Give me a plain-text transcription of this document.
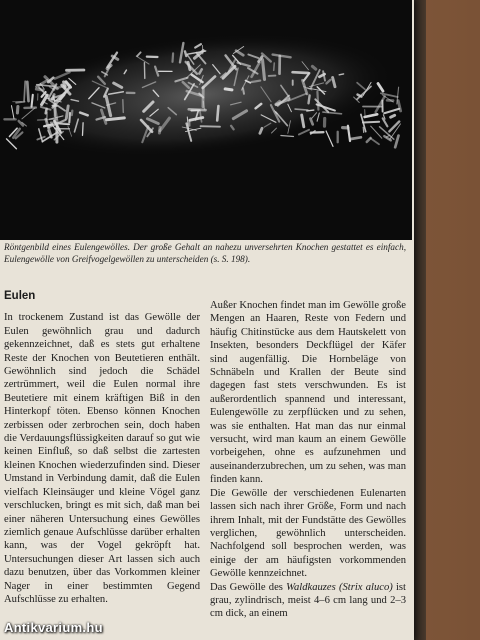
Röntgenbild eines Eulengewölles. Der große Gehalt an nahezu unversehrten Knochen gestattet es einfach, Eulengewölle von Greifvogelgewöllen zu unterscheiden (s. S. 198).
Eulen

In trockenem Zustand ist das Gewölle der Eulen gewöhnlich grau und dadurch gekennzeichnet, daß es stets gut erhaltene Reste der Knochen von Beutetieren enthält. Gewöhnlich sind jedoch die Schädel zertrümmert, weil die Eulen normal ihre Beutetiere mit einem kräftigen Biß in den Hinterkopf töten. Ebenso können Knochen zerbissen oder zerbrochen sein, doch haben die Verdauungsflüssigkeiten darauf so gut wie keinen Einfluß, so daß selbst die zartesten kleinen Knochen wiederzufinden sind. Dieser Umstand in Verbindung damit, daß die Eulen vielfach Kleinsäuger und kleine Vögel ganz verschlucken, bringt es mit sich, daß man bei einer näheren Untersuchung eines Gewölles ziemlich genaue Aufschlüsse darüber erhalten kann, was der Vogel gekröpft hat. Untersuchungen dieser Art lassen sich auch dazu benutzen, über das Vorkommen kleiner Nager in einer bestimmten Gegend Aufschlüsse zu erhalten.

Außer Knochen findet man im Gewölle große Mengen an Haaren, Reste von Federn und häufig Chitinstücke aus dem Hautskelett von Insekten, besonders Deckflügel der Käfer sind augenfällig. Die Hornbeläge von Schnäbeln und Krallen der Beute sind dagegen fast stets verschwunden. Es ist außerordentlich spannend und interessant, Eulengewölle zu zerpflücken und zu sehen, was sie enthalten. Hat man das nur einmal versucht, wird man kaum an einem Gewölle vorbeigehen, ohne es aufzunehmen und auseinanderzubrechen, um zu sehen, was man finden kann.

Die Gewölle der verschiedenen Eulenarten lassen sich nach ihrer Größe, Form und nach ihrem Inhalt, mit der Fundstätte des Gewölles verglichen, gewöhnlich unterscheiden. Nachfolgend soll besprochen werden, was einige der am häufigsten vorkommenden Gewölle kennzeichnet.

Das Gewölle des Waldkauzes (Strix aluco) ist grau, zylindrisch, meist 4–6 cm lang und 2–3 cm dick, an einem

Antikvarium.hu
